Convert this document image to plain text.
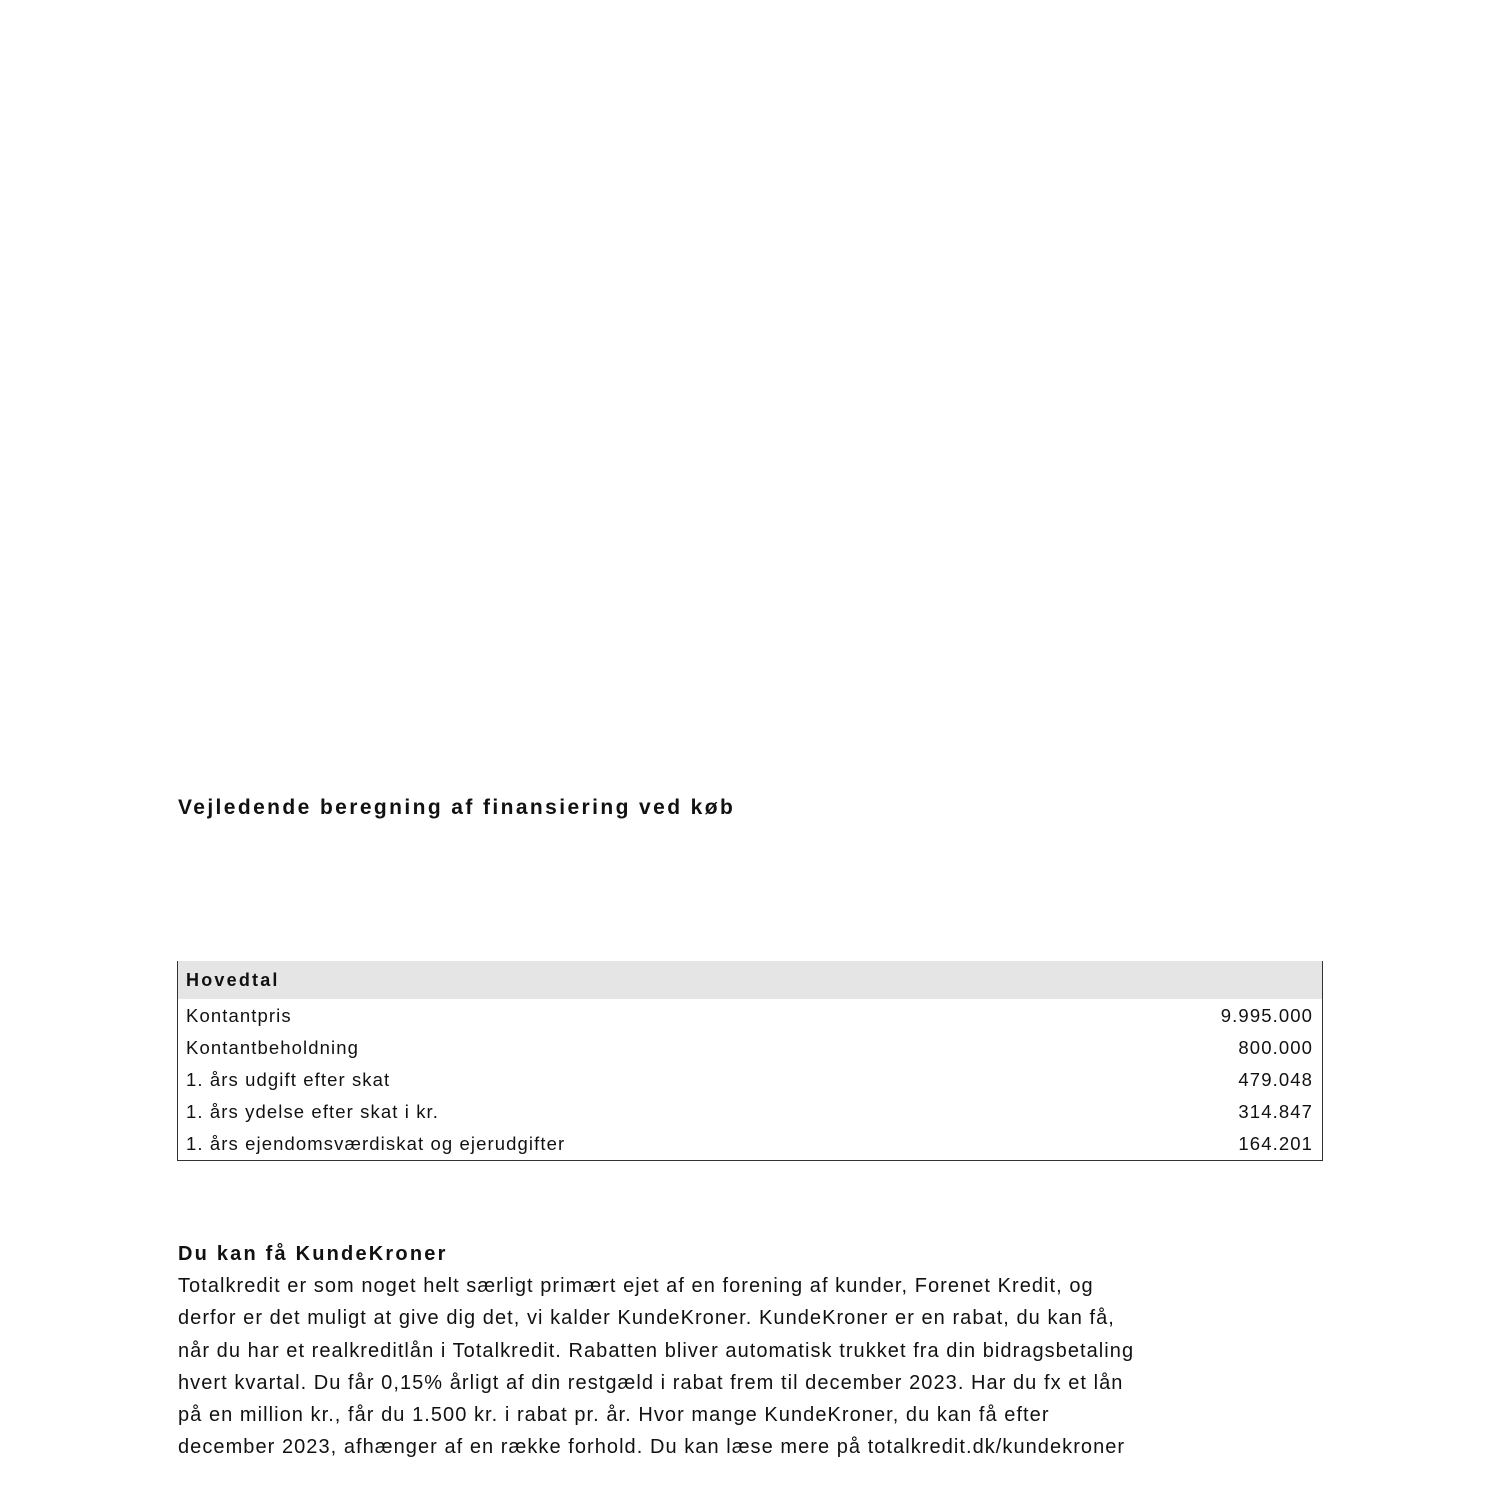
Vejledende beregning af finansiering ved køb
Hovedtal
Kontantpris	9.995.000
Kontantbeholdning	800.000
1. års udgift efter skat	479.048
1. års ydelse efter skat i kr.	314.847
1. års ejendomsværdiskat og ejerudgifter	164.201
Du kan få KundeKroner

Totalkredit er som noget helt særligt primært ejet af en forening af kunder, Forenet Kredit, og
derfor er det muligt at give dig det, vi kalder KundeKroner. KundeKroner er en rabat, du kan få,
når du har et realkreditlån i Totalkredit. Rabatten bliver automatisk trukket fra din bidragsbetaling
hvert kvartal. Du får 0,15% årligt af din restgæld i rabat frem til december 2023. Har du fx et lån
på en million kr., får du 1.500 kr. i rabat pr. år. Hvor mange KundeKroner, du kan få efter
december 2023, afhænger af en række forhold. Du kan læse mere på totalkredit.dk/kundekroner
